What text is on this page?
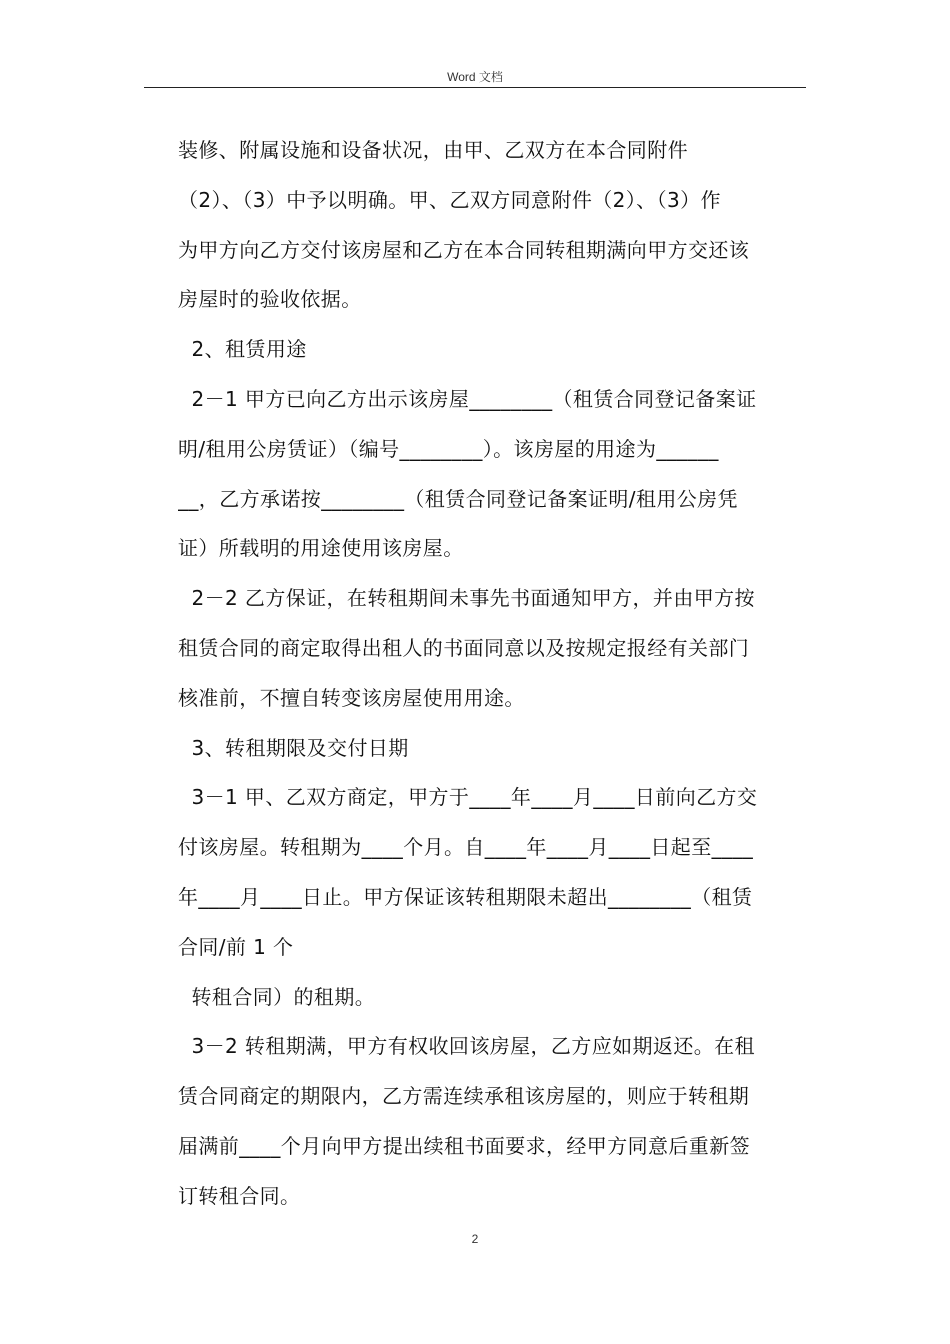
Word 文档
装修、附属设施和设备状况，由甲、乙双方在本合同附件
（2）、（3）中予以明确。甲、乙双方同意附件（2）、（3）作
为甲方向乙方交付该房屋和乙方在本合同转租期满向甲方交还该
房屋时的验收依据。
2、租赁用途
2－1 甲方已向乙方出示该房屋________（租赁合同登记备案证
明/租用公房赁证）（编号________）。该房屋的用途为______
__，乙方承诺按________（租赁合同登记备案证明/租用公房凭
证）所载明的用途使用该房屋。
2－2 乙方保证，在转租期间未事先书面通知甲方，并由甲方按
租赁合同的商定取得出租人的书面同意以及按规定报经有关部门
核准前，不擅自转变该房屋使用用途。
3、转租期限及交付日期
3－1 甲、乙双方商定，甲方于____年____月____日前向乙方交
付该房屋。转租期为____个月。自____年____月____日起至____
年____月____日止。甲方保证该转租期限未超出________（租赁
合同/前 1 个
转租合同）的租期。
3－2 转租期满，甲方有权收回该房屋，乙方应如期返还。在租
赁合同商定的期限内，乙方需连续承租该房屋的，则应于转租期
届满前____个月向甲方提出续租书面要求，经甲方同意后重新签
订转租合同。
2
